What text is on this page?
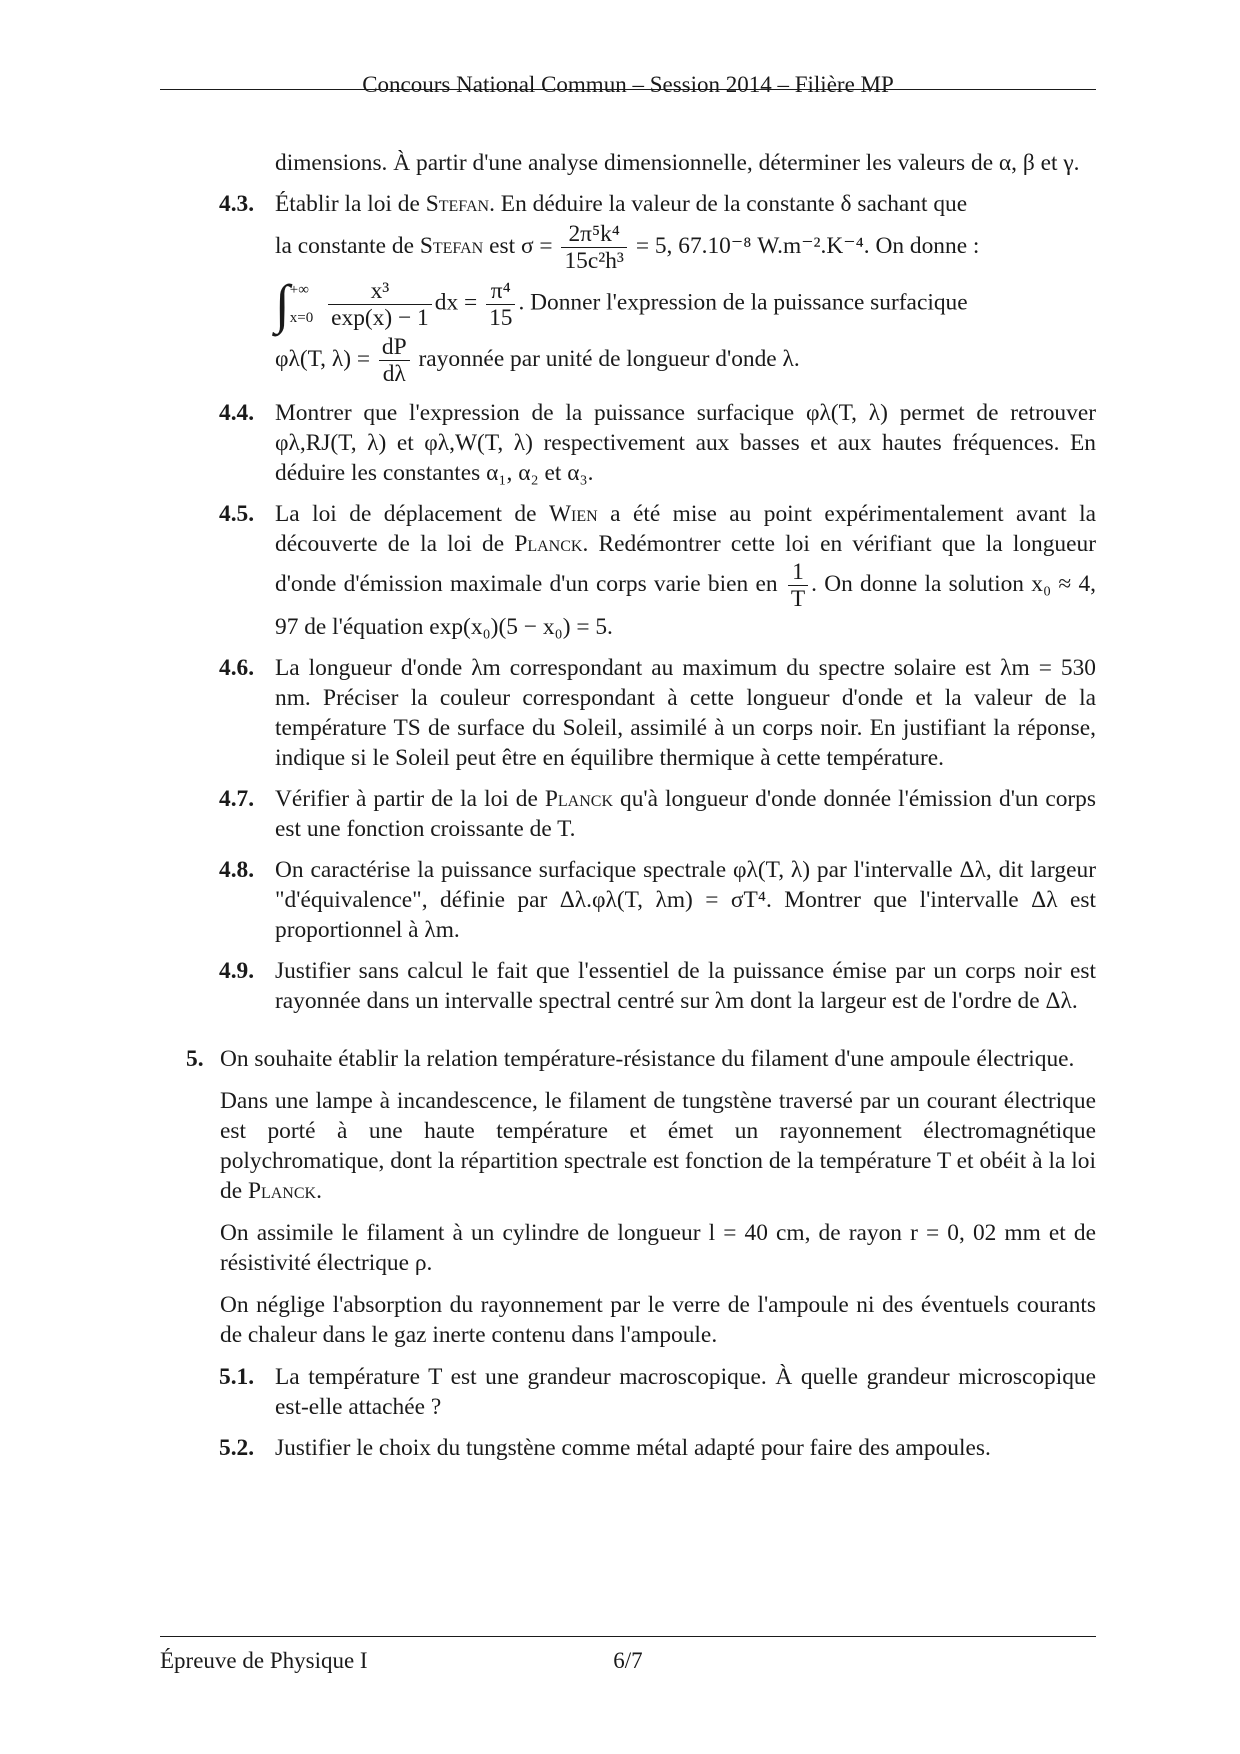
Concours National Commun – Session 2014 – Filière MP
dimensions. À partir d'une analyse dimensionnelle, déterminer les valeurs de α, β et γ.
4.3. Établir la loi de Stefan. En déduire la valeur de la constante δ sachant que

la constante de Stefan est $\sigma = \frac{\text{2π⁵k⁴}}{\text{15c²h³}} = 5$, 67.10⁻⁸ W.m⁻².K⁻⁴. On donne :

∫ +∞
x=0
$\frac{\text{x³}}{\exp(x) - 1}$ dx = $\frac{\text{π⁴}}{15}$ . Donner l'expression de la puissance surfacique

φλ(T, $\lambda) = \frac{dP}{d\lambda}$ rayonnée par unité de longueur d'onde λ.

4.4. Montrer que l'expression de la puissance surfacique φλ(T, λ) permet de retrouver φλ,RJ(T, λ) et φλ,W(T, λ) respectivement aux basses et aux hautes fréquences. En déduire les constantes α₁, α₂ et α₃.

4.5. La loi de déplacement de Wien a été mise au point expérimentalement avant la découverte de la loi de Planck. Redémontrer cette loi en vérifiant que la longueur d'onde d'émission maximale d'un corps varie bien en $\frac{1}{T}$ . On donne la solution x₀ ≈ 4, 97 de l'équation exp(x₀)(5 − x₀) = 5.

4.6. La longueur d'onde λm correspondant au maximum du spectre solaire est λm = 530 nm. Préciser la couleur correspondant à cette longueur d'onde et la valeur de la température TS de surface du Soleil, assimilé à un corps noir. En justifiant la réponse, indique si le Soleil peut être en équilibre thermique à cette température.

4.7. Vérifier à partir de la loi de Planck qu'à longueur d'onde donnée l'émission d'un corps est une fonction croissante de T.

4.8. On caractérise la puissance surfacique spectrale φλ(T, λ) par l'intervalle Δλ, dit largeur "d'équivalence", définie par Δλ.φλ(T, λm) = σT⁴. Montrer que l'intervalle Δλ est proportionnel à λm.

4.9. Justifier sans calcul le fait que l'essentiel de la puissance émise par un corps noir est rayonnée dans un intervalle spectral centré sur λm dont la largeur est de l'ordre de Δλ.

5. On souhaite établir la relation température-résistance du filament d'une ampoule électrique.

Dans une lampe à incandescence, le filament de tungstène traversé par un courant électrique est porté à une haute température et émet un rayonnement électromagnétique polychromatique, dont la répartition spectrale est fonction de la température T et obéit à la loi de Planck.

On assimile le filament à un cylindre de longueur l = 40 cm, de rayon r = 0, 02 mm et de résistivité électrique ρ.

On néglige l'absorption du rayonnement par le verre de l'ampoule ni des éventuels courants de chaleur dans le gaz inerte contenu dans l'ampoule.

5.1. La température T est une grandeur macroscopique. À quelle grandeur microscopique est-elle attachée ?

5.2. Justifier le choix du tungstène comme métal adapté pour faire des ampoules.

Épreuve de Physique I	6/7
